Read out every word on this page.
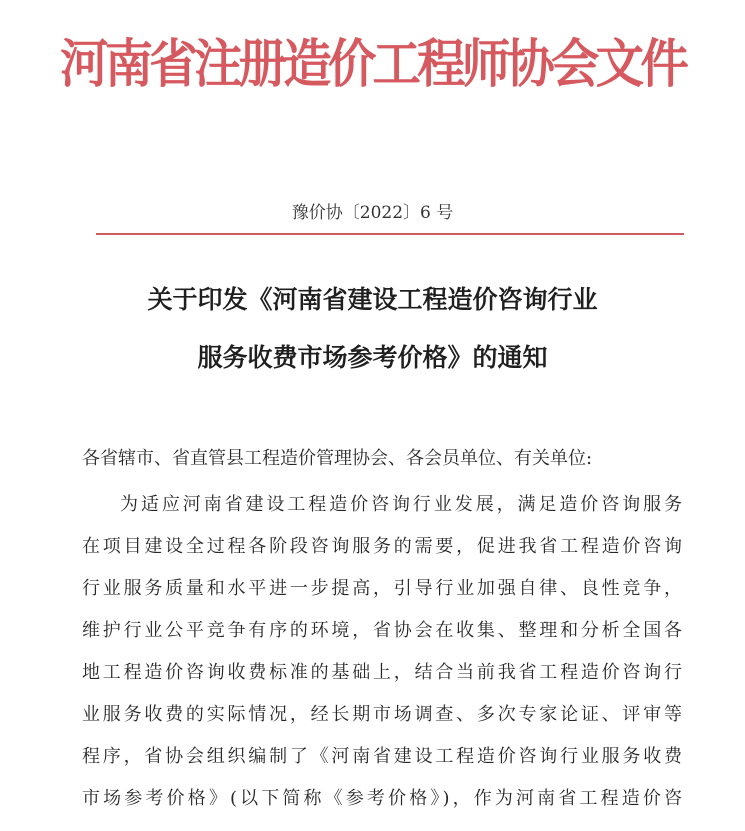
河南省注册造价工程师协会文件
豫价协〔2022〕6 号
关于印发《河南省建设工程造价咨询行业
服务收费市场参考价格》的通知
各省辖市、省直管县工程造价管理协会、各会员单位、有关单位:
为适应河南省建设工程造价咨询行业发展，满足造价咨询服务
在项目建设全过程各阶段咨询服务的需要，促进我省工程造价咨询
行业服务质量和水平进一步提高，引导行业加强自律、良性竞争，
维护行业公平竞争有序的环境，省协会在收集、整理和分析全国各
地工程造价咨询收费标准的基础上，结合当前我省工程造价咨询行
业服务收费的实际情况，经长期市场调查、多次专家论证、评审等
程序，省协会组织编制了《河南省建设工程造价咨询行业服务收费
市场参考价格》(以下简称《参考价格》)，作为河南省工程造价咨
